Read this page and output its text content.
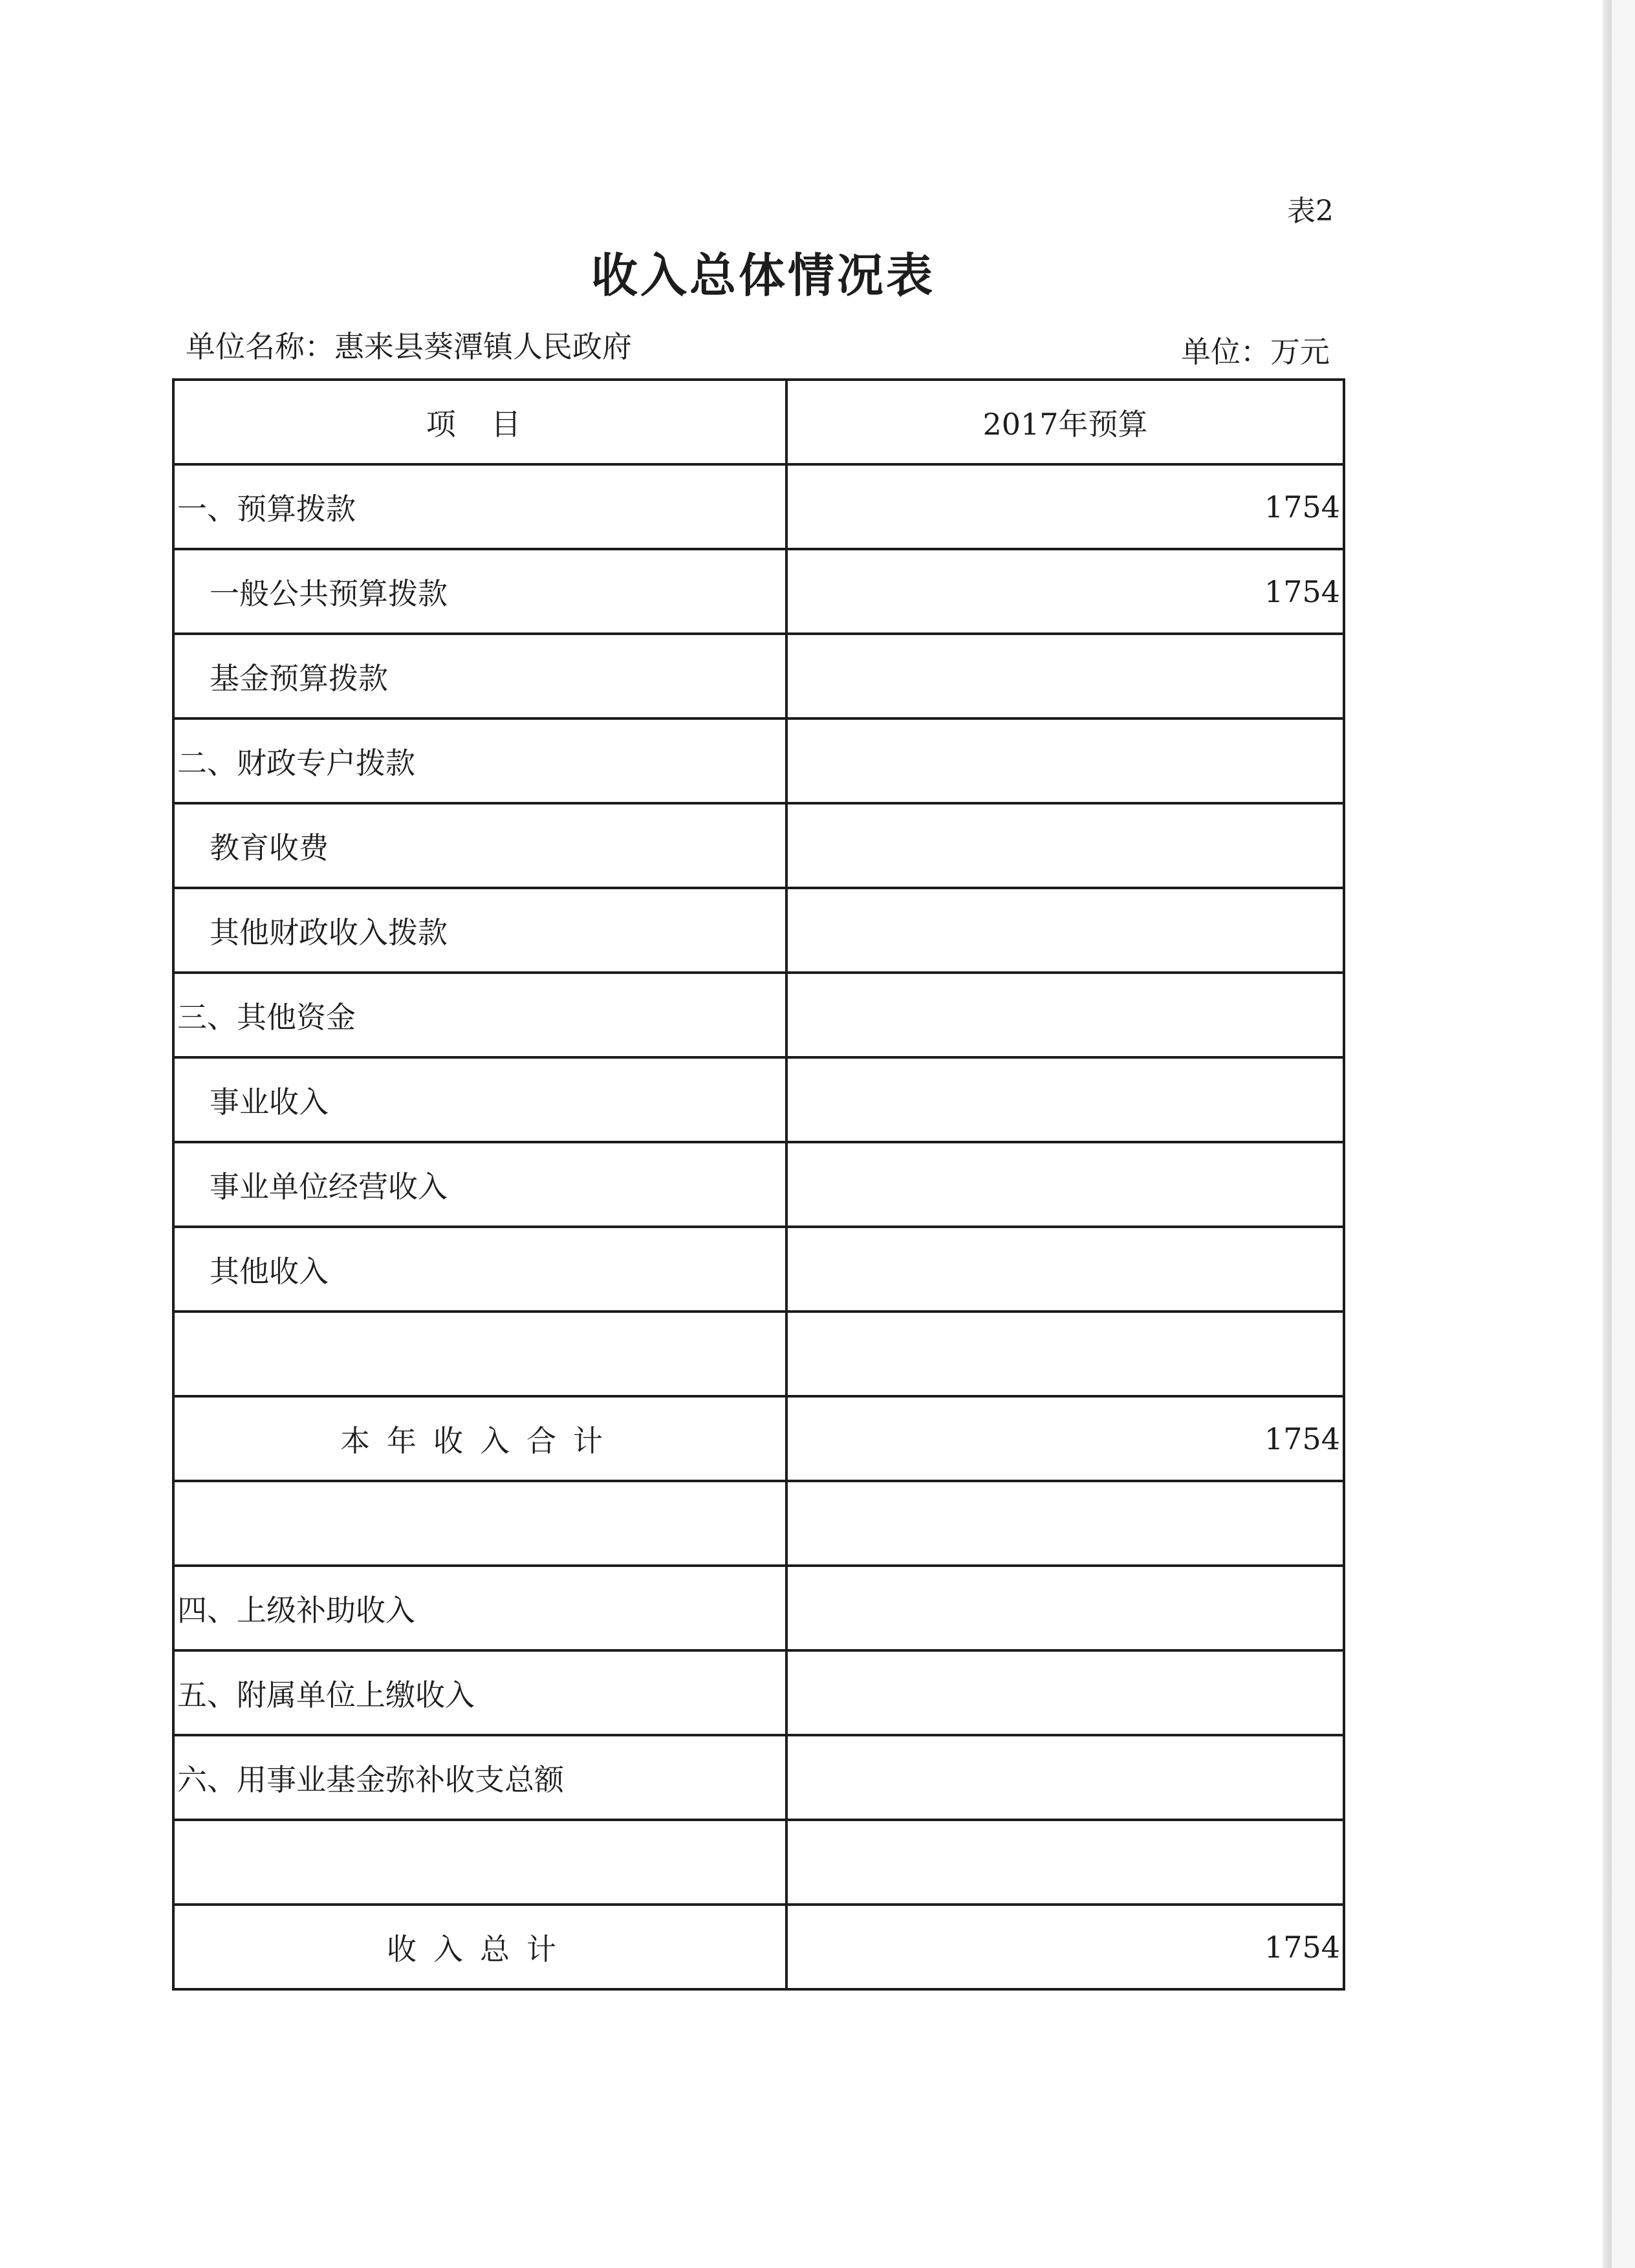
表2
收入总体情况表
单位名称：惠来县葵潭镇人民政府	单位：万元
项 目	2017年预算
一、预算拨款	1754
一般公共预算拨款	1754
基金预算拨款	
二、财政专户拨款	
教育收费	
其他财政收入拨款	
三、其他资金	
事业收入	
事业单位经营收入	
其他收入	

本年收入合计	1754

四、上级补助收入	
五、附属单位上缴收入	
六、用事业基金弥补收支总额	

收入总计	1754
